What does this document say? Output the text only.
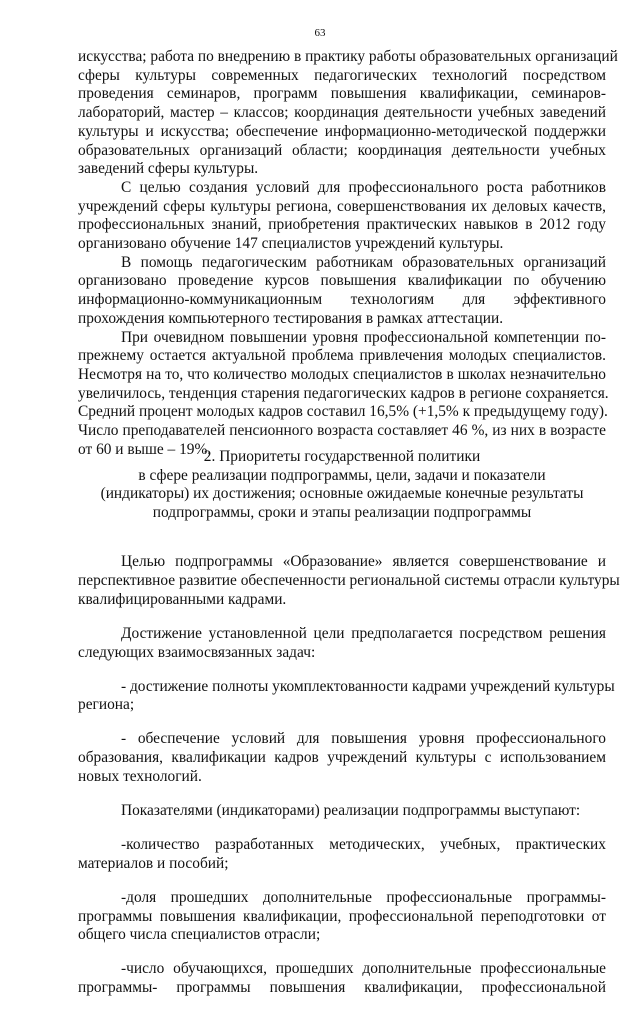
63

искусства; работа по внедрению в практику работы образовательных организаций
сферы культуры современных педагогических технологий посредством
проведения семинаров, программ повышения квалификации, семинаров-
лабораторий, мастер – классов; координация деятельности учебных заведений
культуры и искусства; обеспечение информационно-методической поддержки
образовательных организаций области; координация деятельности учебных
заведений сферы культуры.

С целью создания условий для профессионального роста работников
учреждений сферы культуры региона, совершенствования их деловых качеств,
профессиональных знаний, приобретения практических навыков в 2012 году
организовано обучение 147 специалистов учреждений культуры.

В помощь педагогическим работникам образовательных организаций
организовано проведение курсов повышения квалификации по обучению
информационно-коммуникационным технологиям для эффективного
прохождения компьютерного тестирования в рамках аттестации.

При очевидном повышении уровня профессиональной компетенции по-
прежнему остается актуальной проблема привлечения молодых специалистов.
Несмотря на то, что количество молодых специалистов в школах незначительно
увеличилось, тенденция старения педагогических кадров в регионе сохраняется.
Средний процент молодых кадров составил 16,5% (+1,5% к предыдущему году).
Число преподавателей пенсионного возраста составляет 46 %, из них в возрасте
от 60 и выше – 19%.

2. Приоритеты государственной политики
в сфере реализации подпрограммы, цели, задачи и показатели
(индикаторы) их достижения; основные ожидаемые конечные результаты
подпрограммы, сроки и этапы реализации подпрограммы

Целью подпрограммы «Образование» является совершенствование и
перспективное развитие обеспеченности региональной системы отрасли культуры
квалифицированными кадрами.

Достижение установленной цели предполагается посредством решения
следующих взаимосвязанных задач:

- достижение полноты укомплектованности кадрами учреждений культуры
региона;

- обеспечение условий для повышения уровня профессионального
образования, квалификации кадров учреждений культуры с использованием
новых технологий.

Показателями (индикаторами) реализации подпрограммы выступают:

-количество разработанных методических, учебных, практических
материалов и пособий;

-доля прошедших дополнительные профессиональные программы-
программы повышения квалификации, профессиональной переподготовки от
общего числа специалистов отрасли;

-число обучающихся, прошедших дополнительные профессиональные
программы- программы повышения квалификации, профессиональной
